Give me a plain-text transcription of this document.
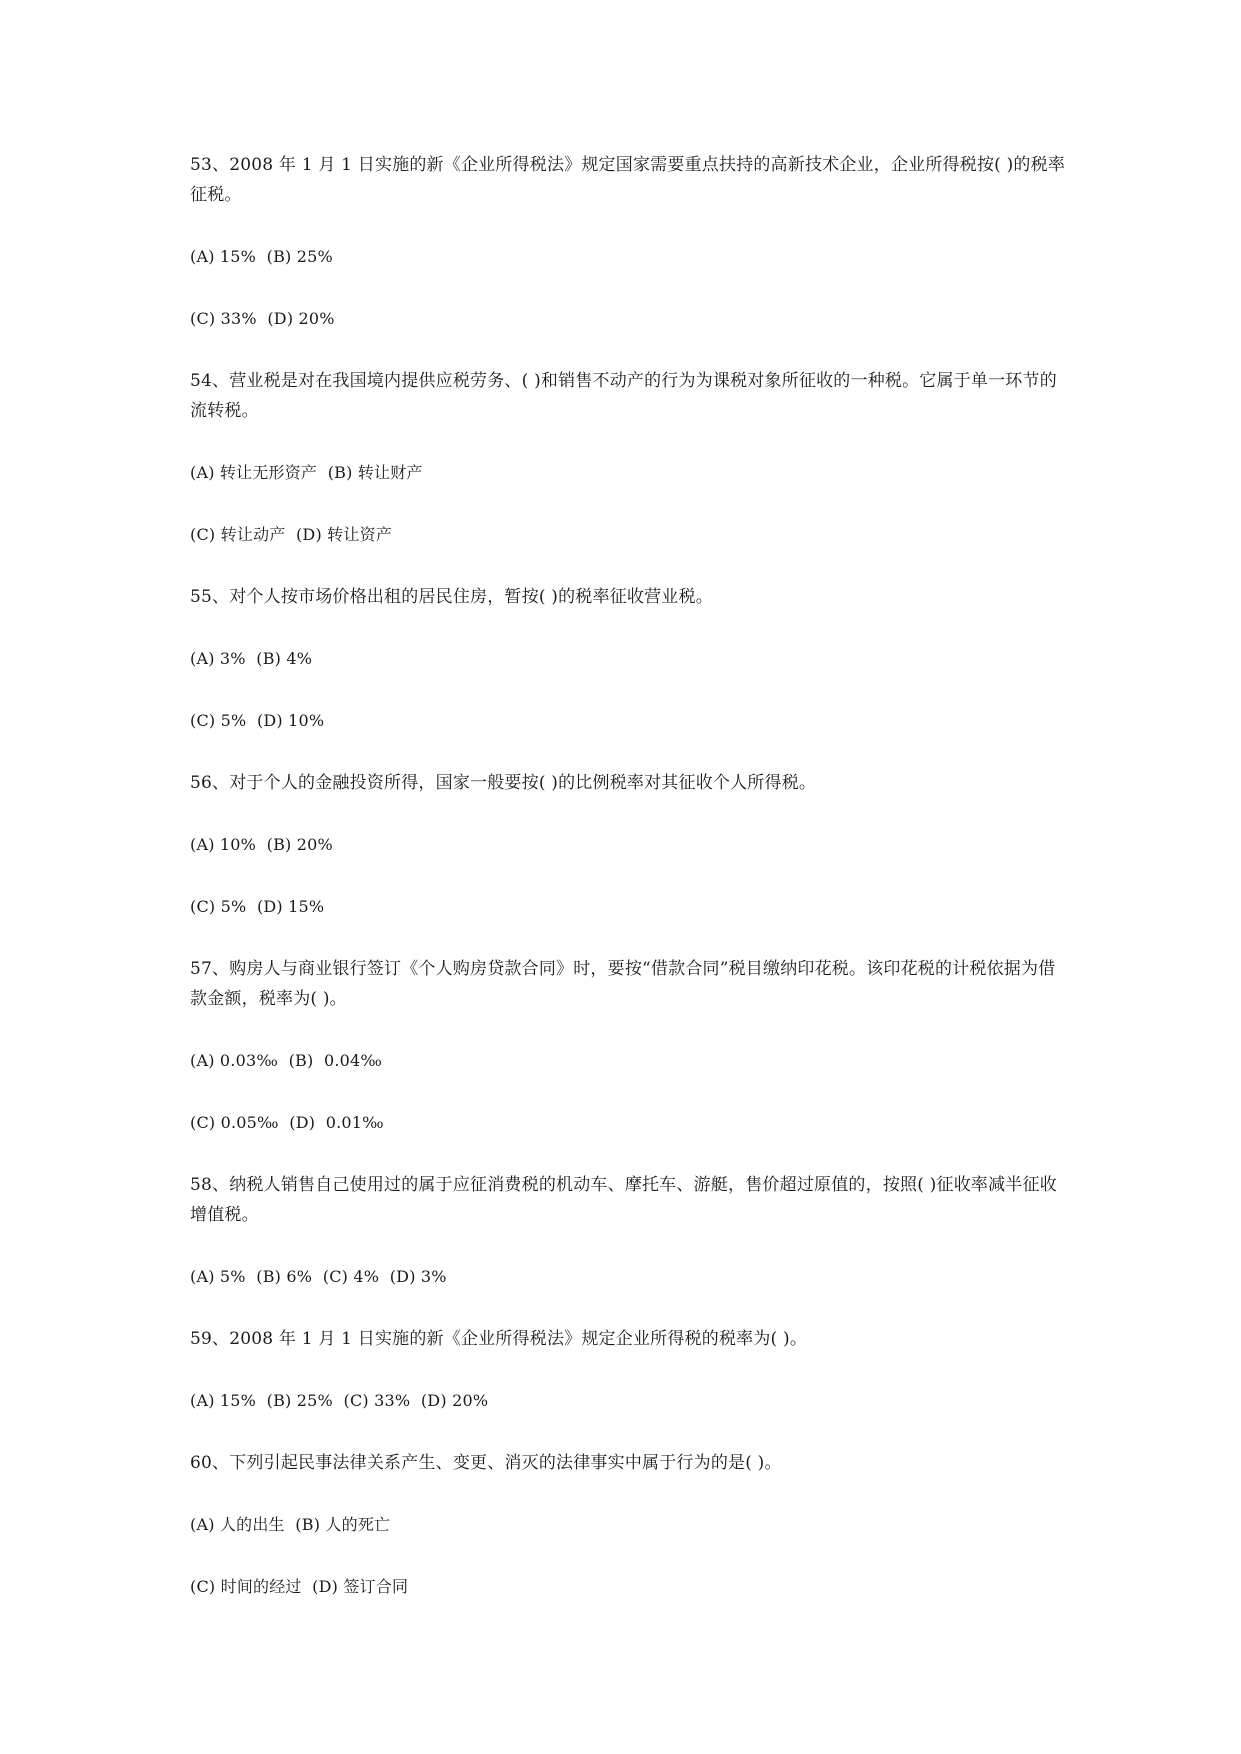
53、2008 年 1 月 1 日实施的新《企业所得税法》规定国家需要重点扶持的高新技术企业，企业所得税按( )的税率征税。
(A) 15%  (B) 25%
(C) 33%  (D) 20%
54、营业税是对在我国境内提供应税劳务、( )和销售不动产的行为为课税对象所征收的一种税。它属于单一环节的流转税。
(A) 转让无形资产  (B) 转让财产
(C) 转让动产  (D) 转让资产
55、对个人按市场价格出租的居民住房，暂按( )的税率征收营业税。
(A) 3%  (B) 4%
(C) 5%  (D) 10%
56、对于个人的金融投资所得，国家一般要按( )的比例税率对其征收个人所得税。
(A) 10%  (B) 20%
(C) 5%  (D) 15%
57、购房人与商业银行签订《个人购房贷款合同》时，要按“借款合同”税目缴纳印花税。该印花税的计税依据为借款金额，税率为( )。
(A) 0.03‰  (B)  0.04‰
(C) 0.05‰  (D)  0.01‰
58、纳税人销售自己使用过的属于应征消费税的机动车、摩托车、游艇，售价超过原值的，按照( )征收率减半征收增值税。
(A) 5%  (B) 6%  (C) 4%  (D) 3%
59、2008 年 1 月 1 日实施的新《企业所得税法》规定企业所得税的税率为( )。
(A) 15%  (B) 25%  (C) 33%  (D) 20%
60、下列引起民事法律关系产生、变更、消灭的法律事实中属于行为的是( )。
(A) 人的出生  (B) 人的死亡
(C) 时间的经过  (D) 签订合同
